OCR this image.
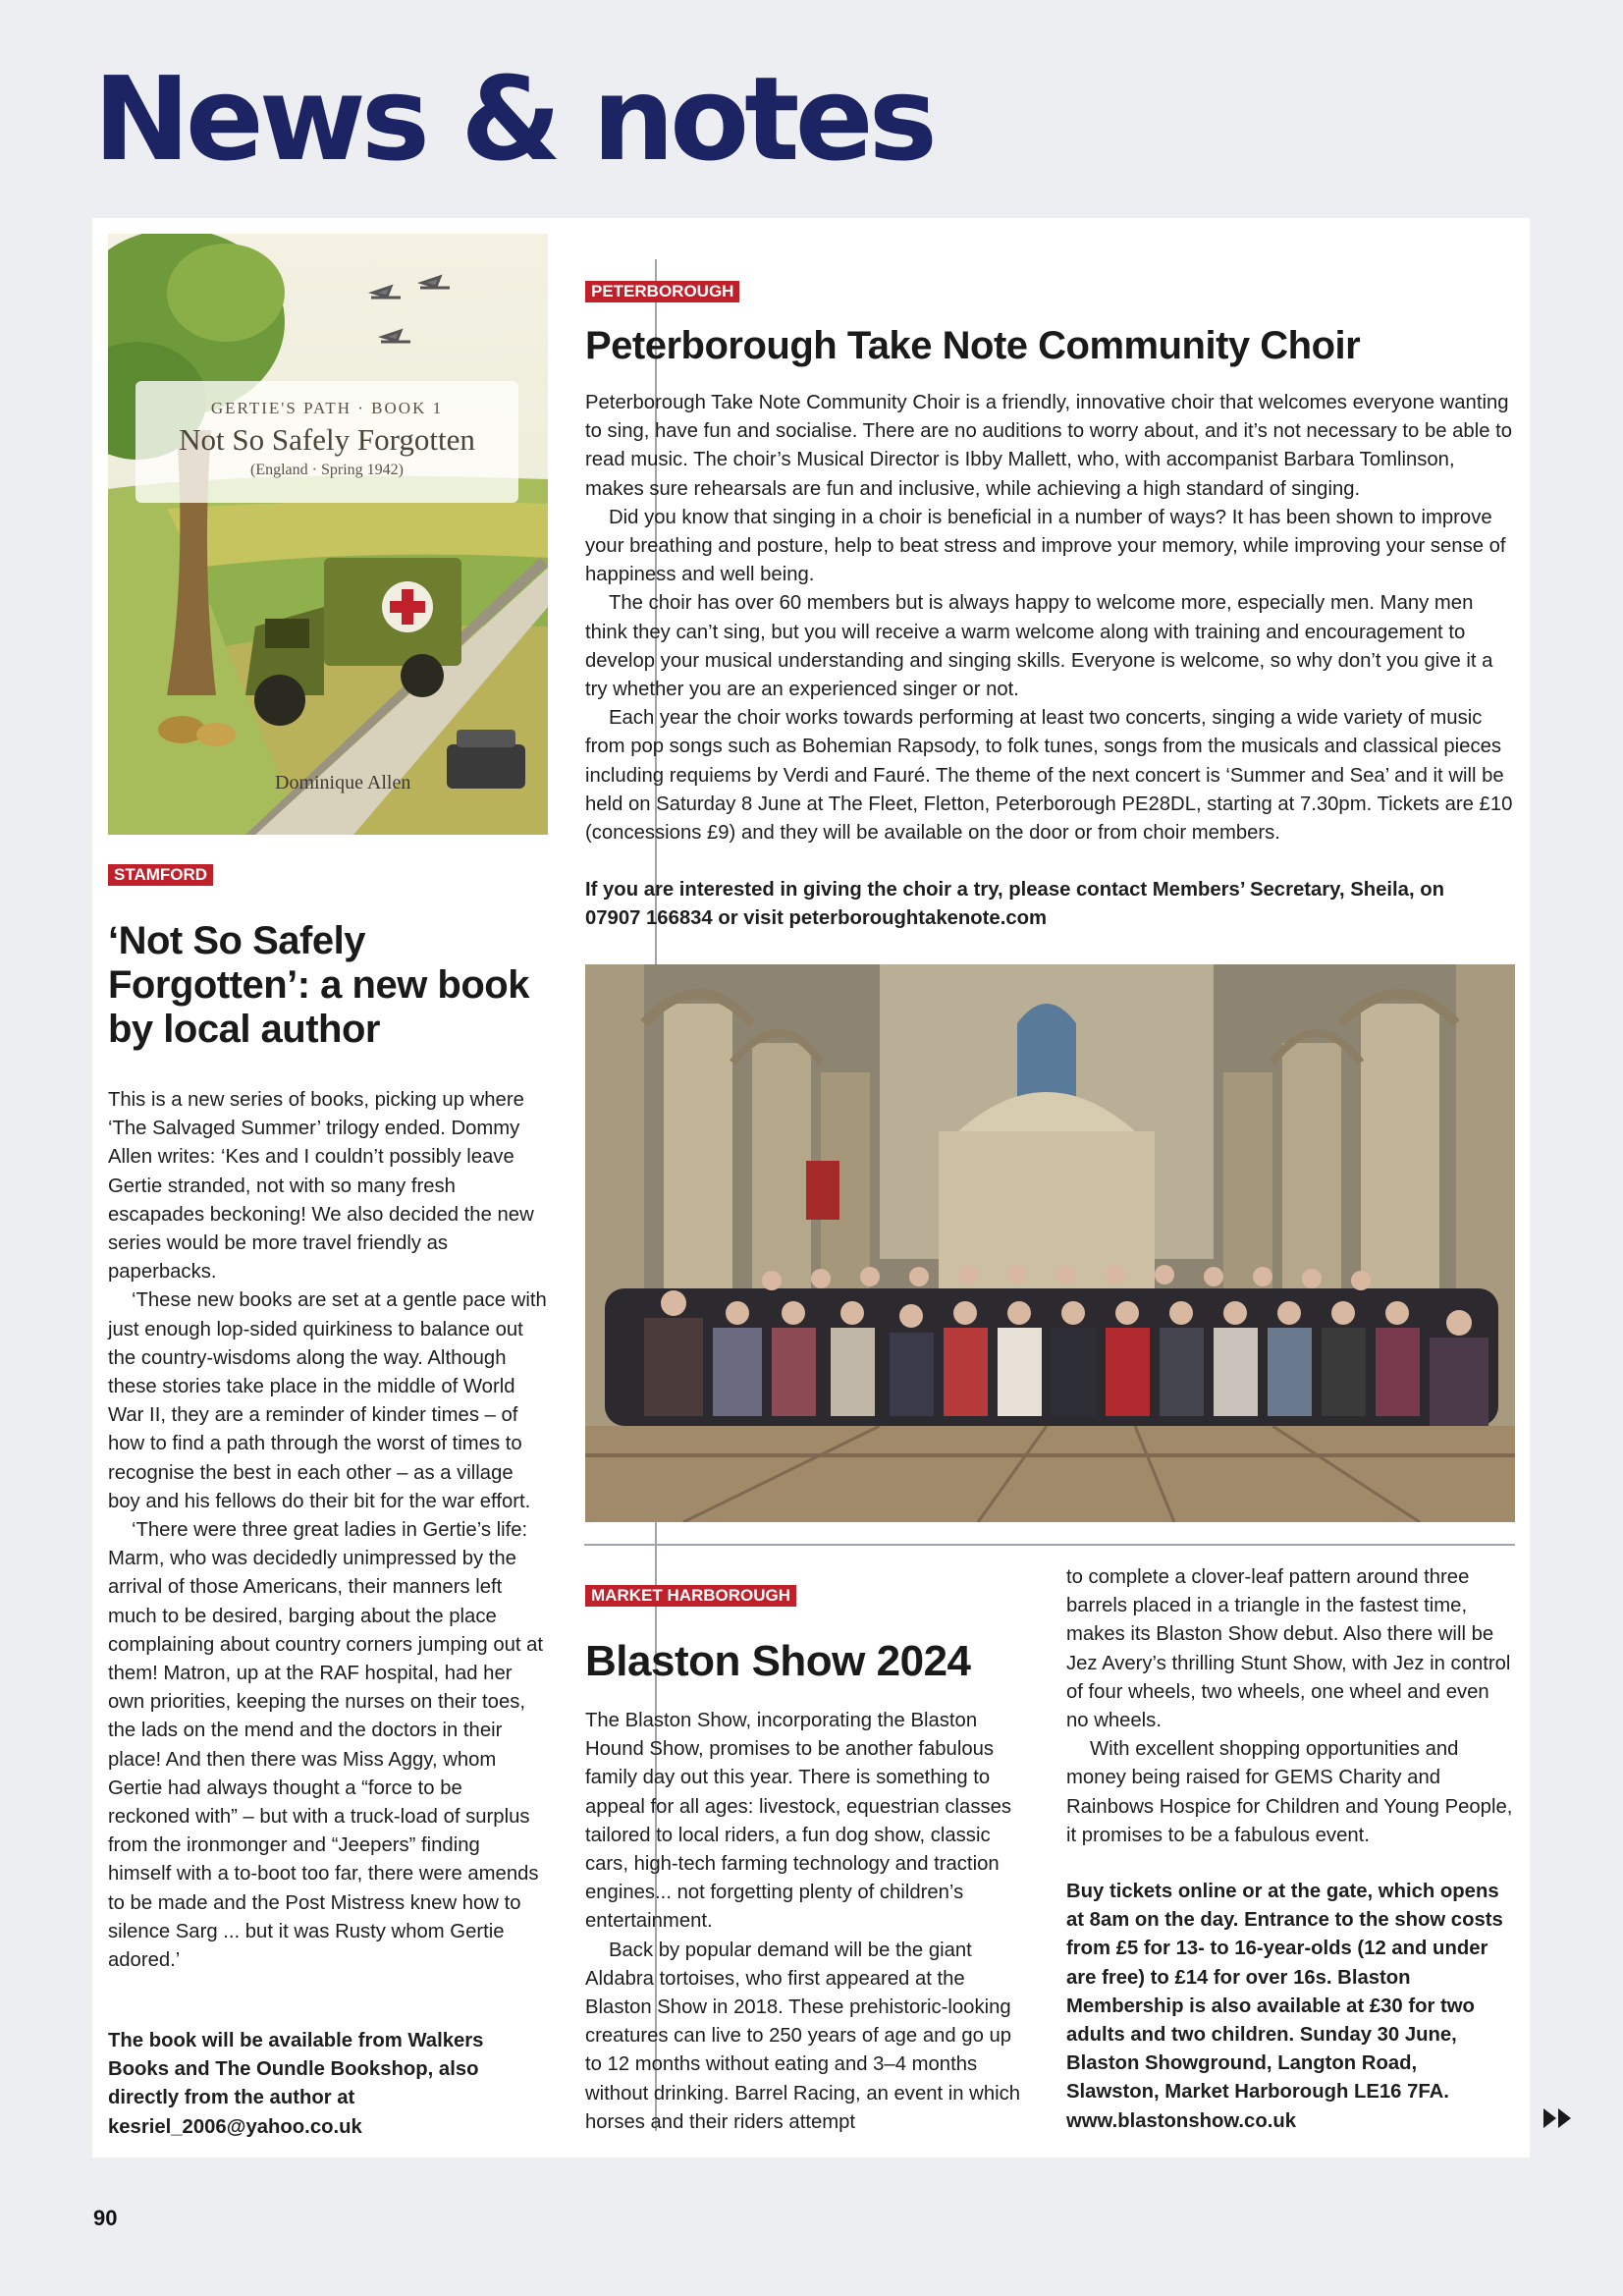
News & notes
GERTIE'S PATH · BOOK 1
Not So Safely Forgotten
(England · Spring 1942)
Dominique Allen
STAMFORD
‘Not So Safely Forgotten’: a new book by local author

This is a new series of books, picking up where ‘The Salvaged Summer’ trilogy ended. Dommy Allen writes: ‘Kes and I couldn’t possibly leave Gertie stranded, not with so many fresh escapades beckoning! We also decided the new series would be more travel friendly as paperbacks.

‘These new books are set at a gentle pace with just enough lop-sided quirkiness to balance out the country-wisdoms along the way. Although these stories take place in the middle of World War II, they are a reminder of kinder times – of how to find a path through the worst of times to recognise the best in each other – as a village boy and his fellows do their bit for the war effort.

‘There were three great ladies in Gertie’s life: Marm, who was decidedly unimpressed by the arrival of those Americans, their manners left much to be desired, barging about the place complaining about country corners jumping out at them! Matron, up at the RAF hospital, had her own priorities, keeping the nurses on their toes, the lads on the mend and the doctors in their place! And then there was Miss Aggy, whom Gertie had always thought a “force to be reckoned with” – but with a truck-load of surplus from the ironmonger and “Jeepers” finding himself with a to-boot too far, there were amends to be made and the Post Mistress knew how to silence Sarg ... but it was Rusty whom Gertie adored.’

The book will be available from Walkers Books and The Oundle Bookshop, also directly from the author at kesriel_2006@yahoo.co.uk
PETERBOROUGH
Peterborough Take Note Community Choir

Peterborough Take Note Community Choir is a friendly, innovative choir that welcomes everyone wanting to sing, have fun and socialise. There are no auditions to worry about, and it’s not necessary to be able to read music. The choir’s Musical Director is Ibby Mallett, who, with accompanist Barbara Tomlinson, makes sure rehearsals are fun and inclusive, while achieving a high standard of singing.

Did you know that singing in a choir is beneficial in a number of ways? It has been shown to improve your breathing and posture, help to beat stress and improve your memory, while improving your sense of happiness and well being.

The choir has over 60 members but is always happy to welcome more, especially men. Many men think they can’t sing, but you will receive a warm welcome along with training and encouragement to develop your musical understanding and singing skills. Everyone is welcome, so why don’t you give it a try whether you are an experienced singer or not.

Each year the choir works towards performing at least two concerts, singing a wide variety of music from pop songs such as Bohemian Rapsody, to folk tunes, songs from the musicals and classical pieces including requiems by Verdi and Fauré. The theme of the next concert is ‘Summer and Sea’ and it will be held on Saturday 8 June at The Fleet, Fletton, Peterborough PE28DL, starting at 7.30pm. Tickets are £10 (concessions £9) and they will be available on the door or from choir members.

If you are interested in giving the choir a try, please contact Members’ Secretary, Sheila, on 07907 166834 or visit peterboroughtakenote.com
MARKET HARBOROUGH
Blaston Show 2024

The Blaston Show, incorporating the Blaston Hound Show, promises to be another fabulous family day out this year. There is something to appeal for all ages: livestock, equestrian classes tailored to local riders, a fun dog show, classic cars, high-tech farming technology and traction engines... not forgetting plenty of children’s entertainment.

Back by popular demand will be the giant Aldabra tortoises, who first appeared at the Blaston Show in 2018. These prehistoric-looking creatures can live to 250 years of age and go up to 12 months without eating and 3–4 months without drinking. Barrel Racing, an event in which horses and their riders attempt

to complete a clover-leaf pattern around three barrels placed in a triangle in the fastest time, makes its Blaston Show debut. Also there will be Jez Avery’s thrilling Stunt Show, with Jez in control of four wheels, two wheels, one wheel and even no wheels.

With excellent shopping opportunities and money being raised for GEMS Charity and Rainbows Hospice for Children and Young People, it promises to be a fabulous event.

Buy tickets online or at the gate, which opens at 8am on the day. Entrance to the show costs from £5 for 13- to 16-year-olds (12 and under are free) to £14 for over 16s. Blaston Membership is also available at £30 for two adults and two children. Sunday 30 June, Blaston Showground, Langton Road, Slawston, Market Harborough LE16 7FA. www.blastonshow.co.uk
90
